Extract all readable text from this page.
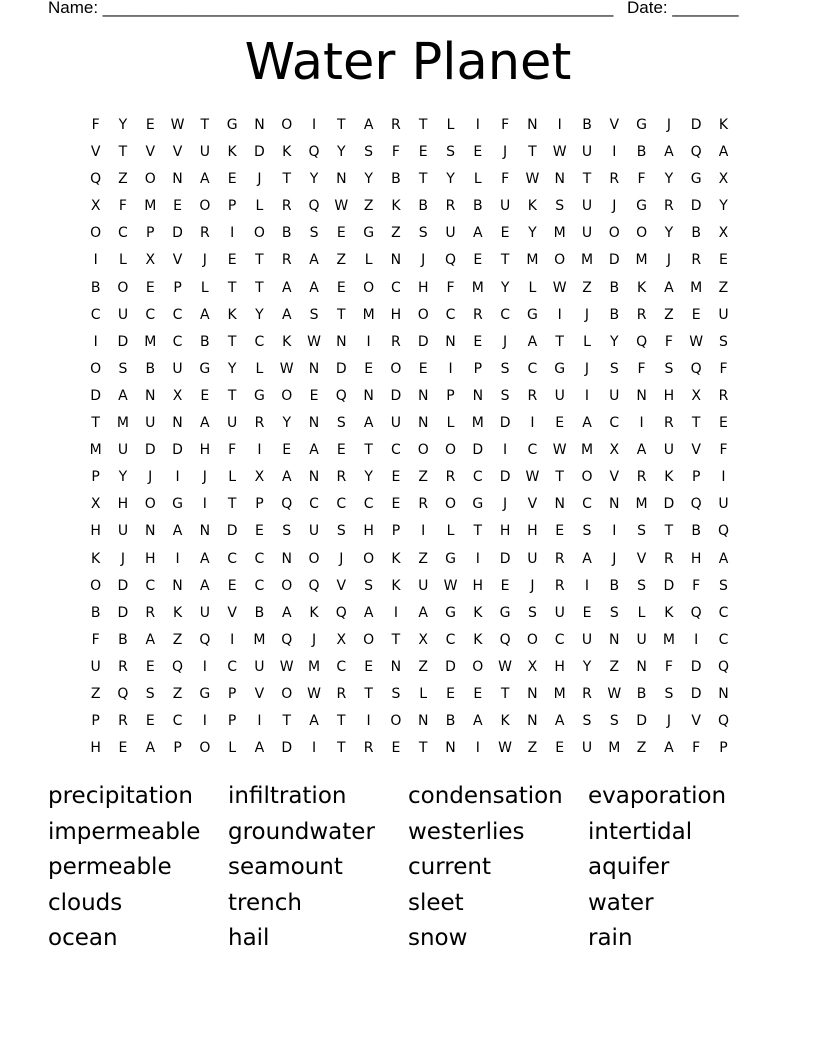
Name: ______________________________________________________ Date: _______
Water Planet
F	Y	E	W	T	G	N	O	I	T	A	R	T	L	I	F	N	I	B	V	G	J	D	K
V	T	V	V	U	K	D	K	Q	Y	S	F	E	S	E	J	T	W	U	I	B	A	Q	A
Q	Z	O	N	A	E	J	T	Y	N	Y	B	T	Y	L	F	W	N	T	R	F	Y	G	X
X	F	M	E	O	P	L	R	Q	W	Z	K	B	R	B	U	K	S	U	J	G	R	D	Y
O	C	P	D	R	I	O	B	S	E	G	Z	S	U	A	E	Y	M	U	O	O	Y	B	X
I	L	X	V	J	E	T	R	A	Z	L	N	J	Q	E	T	M	O	M	D	M	J	R	E
B	O	E	P	L	T	T	A	A	E	O	C	H	F	M	Y	L	W	Z	B	K	A	M	Z
C	U	C	C	A	K	Y	A	S	T	M	H	O	C	R	C	G	I	J	B	R	Z	E	U
I	D	M	C	B	T	C	K	W	N	I	R	D	N	E	J	A	T	L	Y	Q	F	W	S
O	S	B	U	G	Y	L	W	N	D	E	O	E	I	P	S	C	G	J	S	F	S	Q	F
D	A	N	X	E	T	G	O	E	Q	N	D	N	P	N	S	R	U	I	U	N	H	X	R
T	M	U	N	A	U	R	Y	N	S	A	U	N	L	M	D	I	E	A	C	I	R	T	E
M	U	D	D	H	F	I	E	A	E	T	C	O	O	D	I	C	W	M	X	A	U	V	F
P	Y	J	I	J	L	X	A	N	R	Y	E	Z	R	C	D	W	T	O	V	R	K	P	I
X	H	O	G	I	T	P	Q	C	C	C	E	R	O	G	J	V	N	C	N	M	D	Q	U
H	U	N	A	N	D	E	S	U	S	H	P	I	L	T	H	H	E	S	I	S	T	B	Q
K	J	H	I	A	C	C	N	O	J	O	K	Z	G	I	D	U	R	A	J	V	R	H	A
O	D	C	N	A	E	C	O	Q	V	S	K	U	W	H	E	J	R	I	B	S	D	F	S
B	D	R	K	U	V	B	A	K	Q	A	I	A	G	K	G	S	U	E	S	L	K	Q	C
F	B	A	Z	Q	I	M	Q	J	X	O	T	X	C	K	Q	O	C	U	N	U	M	I	C
U	R	E	Q	I	C	U	W	M	C	E	N	Z	D	O	W	X	H	Y	Z	N	F	D	Q
Z	Q	S	Z	G	P	V	O	W	R	T	S	L	E	E	T	N	M	R	W	B	S	D	N
P	R	E	C	I	P	I	T	A	T	I	O	N	B	A	K	N	A	S	S	D	J	V	Q
H	E	A	P	O	L	A	D	I	T	R	E	T	N	I	W	Z	E	U	M	Z	A	F	P
precipitation	infiltration	condensation	evaporation
impermeable	groundwater	westerlies	intertidal
permeable	seamount	current	aquifer
clouds	trench	sleet	water
ocean	hail	snow	rain
